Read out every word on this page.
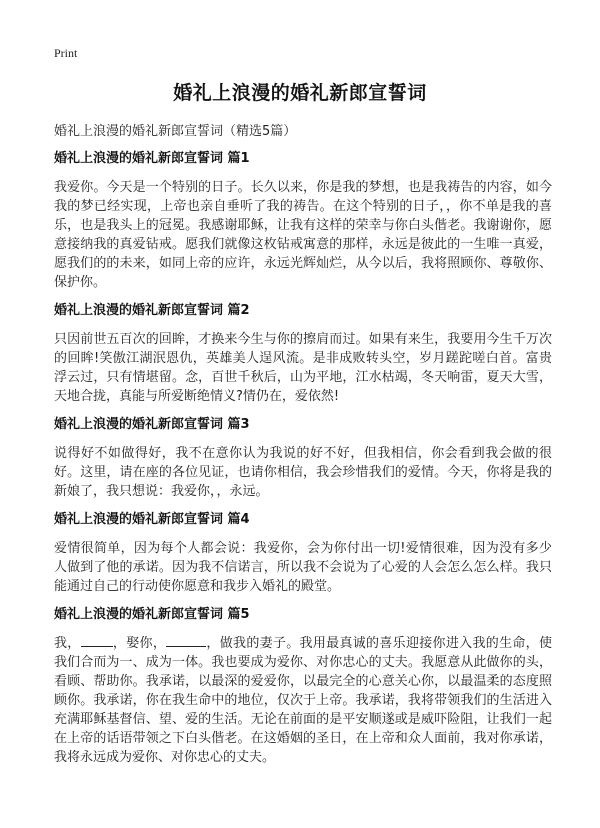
Print
婚礼上浪漫的婚礼新郎宣誓词
婚礼上浪漫的婚礼新郎宣誓词（精选5篇）
婚礼上浪漫的婚礼新郎宣誓词 篇1
我爱你。今天是一个特别的日子。长久以来，你是我的梦想，也是我祷告的内容，如今我的梦已经实现，上帝也亲自垂听了我的祷告。在这个特别的日子，，你不单是我的喜乐，也是我头上的冠冕。我感谢耶稣，让我有这样的荣幸与你白头偕老。我谢谢你，愿意接纳我的真爱钻戒。愿我们就像这枚钻戒寓意的那样，永远是彼此的一生唯一真爱，愿我们的的未来，如同上帝的应许，永远光辉灿烂，从今以后，我将照顾你、尊敬你、保护你。
婚礼上浪漫的婚礼新郎宣誓词 篇2
只因前世五百次的回眸，才换来今生与你的擦肩而过。如果有来生，我要用今生千万次的回眸!笑傲江湖泯恩仇，英雄美人逞风流。是非成败转头空，岁月蹉跎嗟白首。富贵浮云过，只有情堪留。念，百世千秋后，山为平地，江水枯竭，冬天响雷，夏天大雪，天地合拢，真能与所爱断绝情义?情仍在，爱依然!
婚礼上浪漫的婚礼新郎宣誓词 篇3
说得好不如做得好，我不在意你认为我说的好不好，但我相信，你会看到我会做的很好。这里，请在座的各位见证，也请你相信，我会珍惜我们的爱情。今天，你将是我的新娘了，我只想说：我爱你，，永远。
婚礼上浪漫的婚礼新郎宣誓词 篇4
爱情很简单，因为每个人都会说：我爱你，会为你付出一切!爱情很难，因为没有多少人做到了他的承诺。因为我不信诺言，所以我不会说为了心爱的人会怎么怎么样。我只能通过自己的行动使你愿意和我步入婚礼的殿堂。
婚礼上浪漫的婚礼新郎宣誓词 篇5
我， ，娶你，	，做我的妻子。我用最真诚的喜乐迎接你进入我的生命，使我们合而为一、成为一体。我也要成为爱你、对你忠心的丈夫。我愿意从此做你的头，看顾、帮助你。我承诺，以最深的爱爱你，以最完全的心意关心你，以最温柔的态度照顾你。我承诺，你在我生命中的地位，仅次于上帝。我承诺，我将带领我们的生活进入充满耶稣基督信、望、爱的生活。无论在前面的是平安顺遂或是威吓险阻，让我们一起在上帝的话语带领之下白头偕老。在这婚姻的圣日，在上帝和众人面前，我对你承诺，我将永远成为爱你、对你忠心的丈夫。
